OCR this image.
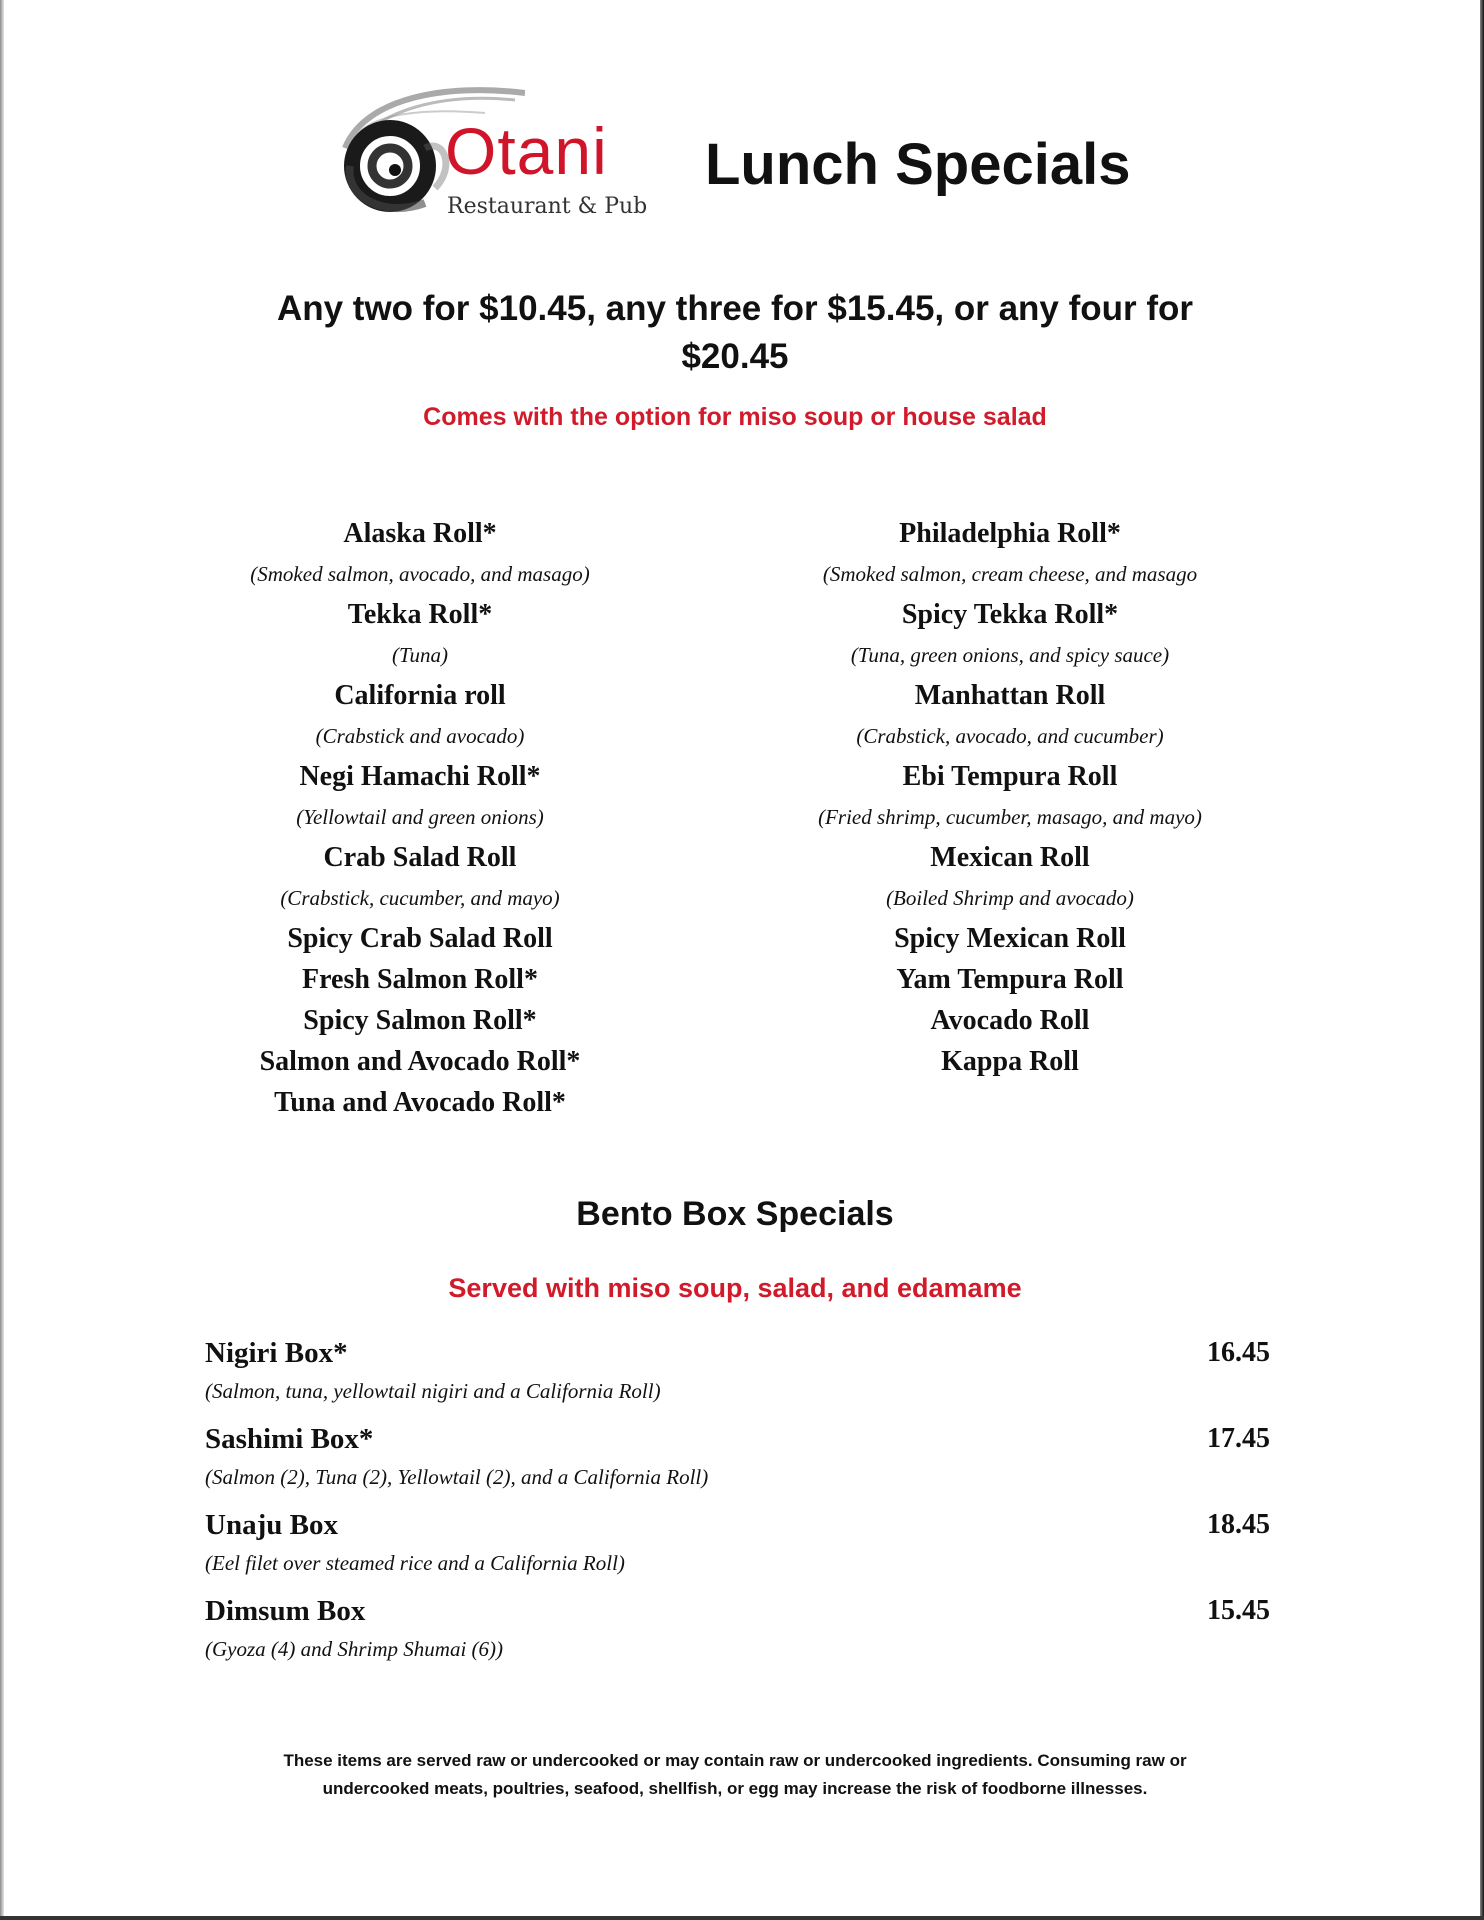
Otani
Restaurant & Pub
Lunch Specials
Any two for $10.45, any three for $15.45, or any four for
$20.45
Comes with the option for miso soup or house salad
Alaska Roll*
(Smoked salmon, avocado, and masago)
Tekka Roll*
(Tuna)
California roll
(Crabstick and avocado)
Negi Hamachi Roll*
(Yellowtail and green onions)
Crab Salad Roll
(Crabstick, cucumber, and mayo)
Spicy Crab Salad Roll
Fresh Salmon Roll*
Spicy Salmon Roll*
Salmon and Avocado Roll*
Tuna and Avocado Roll*
Philadelphia Roll*
(Smoked salmon, cream cheese, and masago
Spicy Tekka Roll*
(Tuna, green onions, and spicy sauce)
Manhattan Roll
(Crabstick, avocado, and cucumber)
Ebi Tempura Roll
(Fried shrimp, cucumber, masago, and mayo)
Mexican Roll
(Boiled Shrimp and avocado)
Spicy Mexican Roll
Yam Tempura Roll
Avocado Roll
Kappa Roll
Bento Box Specials
Served with miso soup, salad, and edamame
Nigiri Box*
(Salmon, tuna, yellowtail nigiri and a California Roll)
16.45
Sashimi Box*
(Salmon (2), Tuna (2), Yellowtail (2), and a California Roll)
17.45
Unaju Box
(Eel filet over steamed rice and a California Roll)
18.45
Dimsum Box
(Gyoza (4) and Shrimp Shumai (6))
15.45
These items are served raw or undercooked or may contain raw or undercooked ingredients. Consuming raw or
undercooked meats, poultries, seafood, shellfish, or egg may increase the risk of foodborne illnesses.
